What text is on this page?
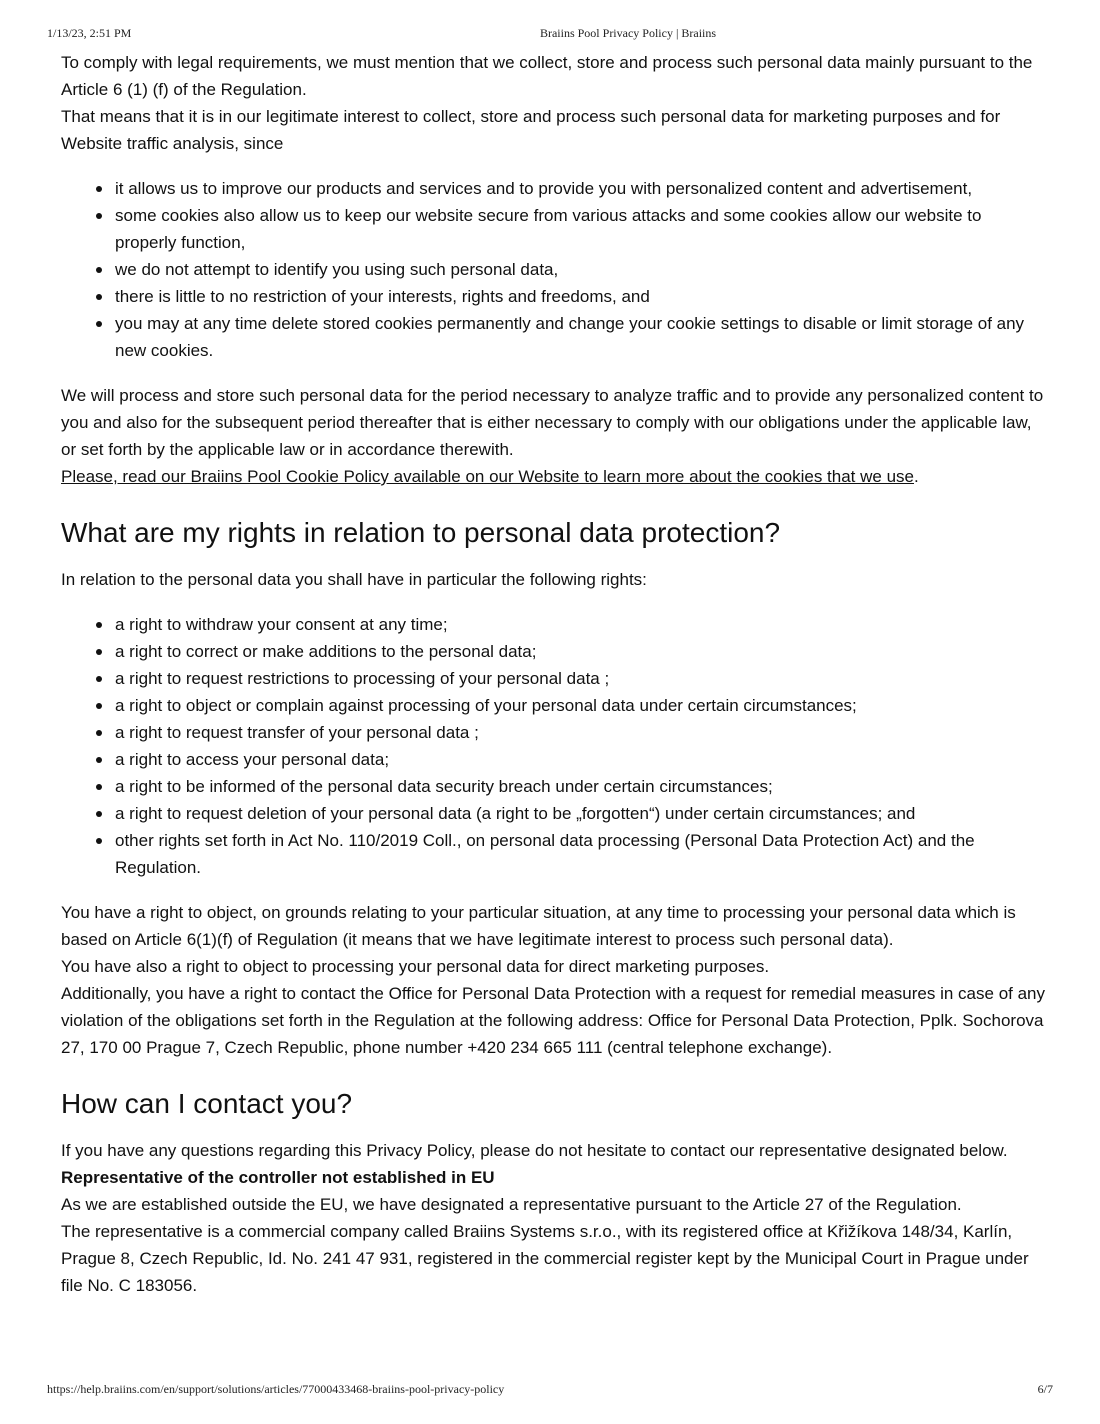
1/13/23, 2:51 PM	Braiins Pool Privacy Policy | Braiins

To comply with legal requirements, we must mention that we collect, store and process such personal data mainly pursuant to the Article 6 (1) (f) of the Regulation.

That means that it is in our legitimate interest to collect, store and process such personal data for marketing purposes and for Website traffic analysis, since

it allows us to improve our products and services and to provide you with personalized content and advertisement,
some cookies also allow us to keep our website secure from various attacks and some cookies allow our website to properly function,
we do not attempt to identify you using such personal data,
there is little to no restriction of your interests, rights and freedoms, and
you may at any time delete stored cookies permanently and change your cookie settings to disable or limit storage of any new cookies.

We will process and store such personal data for the period necessary to analyze traffic and to provide any personalized content to you and also for the subsequent period thereafter that is either necessary to comply with our obligations under the applicable law, or set forth by the applicable law or in accordance therewith.

Please, read our Braiins Pool Cookie Policy available on our Website to learn more about the cookies that we use.

What are my rights in relation to personal data protection?

In relation to the personal data you shall have in particular the following rights:

a right to withdraw your consent at any time;
a right to correct or make additions to the personal data;
a right to request restrictions to processing of your personal data ;
a right to object or complain against processing of your personal data under certain circumstances;
a right to request transfer of your personal data ;
a right to access your personal data;
a right to be informed of the personal data security breach under certain circumstances;
a right to request deletion of your personal data (a right to be „forgotten“) under certain circumstances; and
other rights set forth in Act No. 110/2019 Coll., on personal data processing (Personal Data Protection Act) and the Regulation.

You have a right to object, on grounds relating to your particular situation, at any time to processing your personal data which is based on Article 6(1)(f) of Regulation (it means that we have legitimate interest to process such personal data).

You have also a right to object to processing your personal data for direct marketing purposes.

Additionally, you have a right to contact the Office for Personal Data Protection with a request for remedial measures in case of any violation of the obligations set forth in the Regulation at the following address: Office for Personal Data Protection, Pplk. Sochorova 27, 170 00 Prague 7, Czech Republic, phone number +420 234 665 111 (central telephone exchange).

How can I contact you?

If you have any questions regarding this Privacy Policy, please do not hesitate to contact our representative designated below.

Representative of the controller not established in EU

As we are established outside the EU, we have designated a representative pursuant to the Article 27 of the Regulation.

The representative is a commercial company called Braiins Systems s.r.o., with its registered office at Křižíkova 148/34, Karlín, Prague 8, Czech Republic, Id. No. 241 47 931, registered in the commercial register kept by the Municipal Court in Prague under file No. C 183056.

https://help.braiins.com/en/support/solutions/articles/77000433468-braiins-pool-privacy-policy	6/7
